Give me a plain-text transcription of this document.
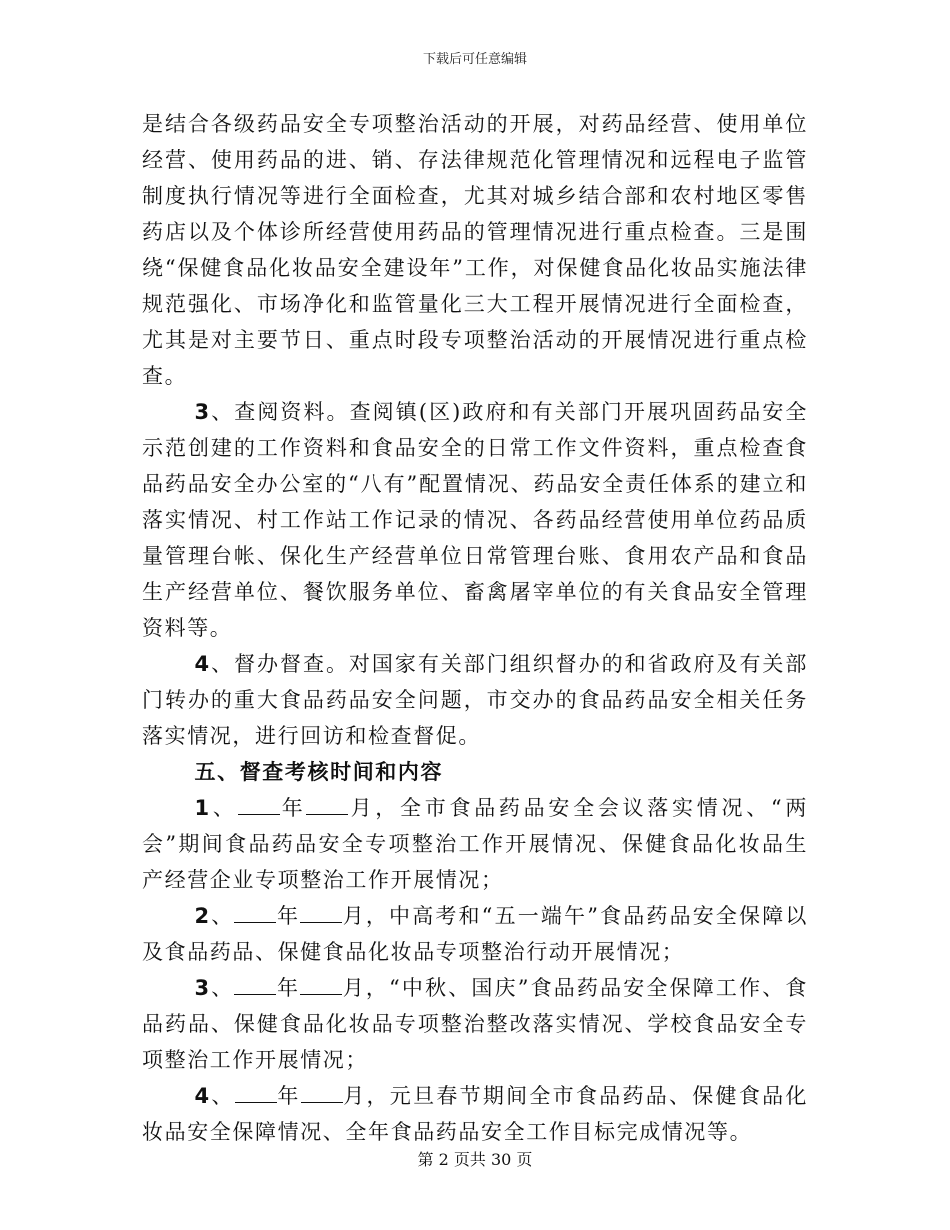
下载后可任意编辑

是结合各级药品安全专项整治活动的开展，对药品经营、使用单位经营、使用药品的进、销、存法律规范化管理情况和远程电子监管制度执行情况等进行全面检查，尤其对城乡结合部和农村地区零售药店以及个体诊所经营使用药品的管理情况进行重点检查。三是围绕“保健食品化妆品安全建设年”工作，对保健食品化妆品实施法律规范强化、市场净化和监管量化三大工程开展情况进行全面检查，尤其是对主要节日、重点时段专项整治活动的开展情况进行重点检查。

3、查阅资料。查阅镇(区)政府和有关部门开展巩固药品安全示范创建的工作资料和食品安全的日常工作文件资料，重点检查食品药品安全办公室的“八有”配置情况、药品安全责任体系的建立和落实情况、村工作站工作记录的情况、各药品经营使用单位药品质量管理台帐、保化生产经营单位日常管理台账、食用农产品和食品生产经营单位、餐饮服务单位、畜禽屠宰单位的有关食品安全管理资料等。

4、督办督查。对国家有关部门组织督办的和省政府及有关部门转办的重大食品药品安全问题，市交办的食品药品安全相关任务落实情况，进行回访和检查督促。

五、督查考核时间和内容

1、 年 月，全市食品药品安全会议落实情况、“两会”期间食品药品安全专项整治工作开展情况、保健食品化妆品生产经营企业专项整治工作开展情况；

2、 年 月，中高考和“五一端午”食品药品安全保障以及食品药品、保健食品化妆品专项整治行动开展情况；

3、 年 月，“中秋、国庆”食品药品安全保障工作、食品药品、保健食品化妆品专项整治整改落实情况、学校食品安全专项整治工作开展情况；

4、 年 月，元旦春节期间全市食品药品、保健食品化妆品安全保障情况、全年食品药品安全工作目标完成情况等。

第 2 页共 30 页
